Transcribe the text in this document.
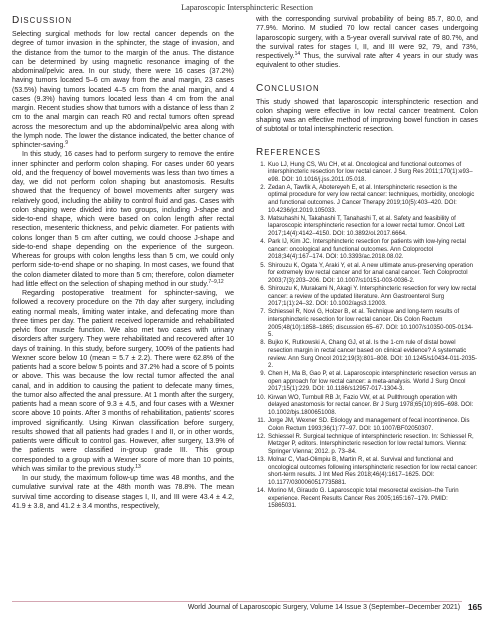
Laparoscopic Intersphincteric Resection
DISCUSSION

Selecting surgical methods for low rectal cancer depends on the degree of tumor invasion in the sphincter, the stage of invasion, and the distance from the tumor to the margin of the anus. The distance can be determined by using magnetic resonance imaging of the abdominal/pelvic area. In our study, there were 16 cases (37.2%) having tumors located 5–6 cm away from the anal margin, 23 cases (53.5%) having tumors located 4–5 cm from the anal margin, and 4 cases (9.3%) having tumors located less than 4 cm from the anal margin. Recent studies show that tumors with a distance of less than 2 cm to the anal margin can reach R0 and rectal tumors often spread across the mesorectum and up the abdominal/pelvic area along with the lymph node. The lower the distance indicated, the better chance of sphincter-saving.$^9$

In this study, 16 cases had to perform surgery to remove the entire inner sphincter and perform colon shaping. For cases under 60 years old, and the frequency of bowel movements was less than two times a day, we did not perform colon shaping but anastomosis. Results showed that the frequency of bowel movements after surgery was relatively good, including the ability to control fluid and gas. Cases with colon shaping were divided into two groups, including J-shape and side-to-end shape, which were based on colon length after rectal resection, mesenteric thickness, and pelvic diameter. For patients with colons longer than 5 cm after cutting, we could choose J-shape and side-to-end shape depending on the experience of the surgeon. Whereas for groups with colon lengths less than 5 cm, we could only perform side-to-end shape or no shaping. In most cases, we found that the colon diameter dilated to more than 5 cm; therefore, colon diameter had little effect on the selection of shaping method in our study.$^{7-9,12}$

Regarding postoperative treatment for sphincter-saving, we followed a recovery procedure on the 7th day after surgery, including eating normal meals, limiting water intake, and defecating more than three times per day. The patient received loperamide and rehabilitated pelvic floor muscle function. We also met two cases with urinary disorders after surgery. They were rehabilitated and recovered after 10 days of training. In this study, before surgery, 100% of the patients had Wexner score below 10 (mean = 5.7 ± 2.2). There were 62.8% of the patients had a score below 5 points and 37.2% had a score of 5 points or above. This was because the low rectal tumor affected the anal canal, and in addition to causing the patient to defecate many times, the tumor also affected the anal pressure. At 1 month after the surgery, patients had a mean score of 9.3 ± 4.5, and four cases with a Wexner score above 10 points. After 3 months of rehabilitation, patients' scores improved significantly. Using Kirwan classification before surgery, results showed that all patients had grades I and II, or in other words, patients were difficult to control gas. However, after surgery, 13.9% of the patients were classified in-group grade III. This group corresponded to a group with a Wexner score of more than 10 points, which was similar to the previous study.$^{13}$

In our study, the maximum follow-up time was 48 months, and the cumulative survival rate at the 48th month was 78.8%. The mean survival time according to disease stages I, II, and III were 43.4 ± 4.2, 41.9 ± 3.8, and 41.2 ± 3.4 months, respectively,

with the corresponding survival probability of being 85.7, 80.0, and 77.9%. Morino. M studied 70 low rectal cancer cases undergoing laparoscopic surgery, with a 5-year overall survival rate of 80.7%, and the survival rates for stages I, II, and III were 92, 79, and 73%, respectively.$^{14}$ Thus, the survival rate after 4 years in our study was equivalent to other studies.

CONCLUSION

This study showed that laparoscopic intersphincteric resection and colon shaping were effective in low rectal cancer treatment. Colon shaping was an effective method of improving bowel function in cases of subtotal or total intersphincteric resection.

REFERENCES
1. Kuo LJ, Hung CS, Wu CH, et al. Oncological and functional outcomes of intersphincteric resection for low rectal cancer. J Surg Res 2011;170(1):e93–e98. DOI: 10.1016/j.jss.2011.05.018.
2. Zedan A, Tawfik A, Abotereyeh E, et al. Intersphincteric resection is the optimal procedure for very low rectal cancer: techniques, morbidity, oncologic and functional outcomes. J Cancer Therapy 2019;10(5):403–420. DOI: 10.4236/jct.2019.105033.
3. Matsuhashi N, Takahashi T, Tanahashi T, et al. Safety and feasibility of laparoscopic intersphincteric resection for a lower rectal tumor. Oncol Lett 2017;14(4):4142–4150. DOI: 10.3892/ol.2017.6664.
4. Park IJ, Kim JC. Intersphincteric resection for patients with low-lying rectal cancer: oncological and functional outcomes. Ann Coloproctol 2018;34(4):167–174. DOI: 10.3393/ac.2018.08.02.
5. Shirouzu K, Ogata Y, Araki Y, et al. A new ultimate anus-preserving operation for extremely low rectal cancer and for anal canal cancer. Tech Coloproctol 2003;7(3):203–206. DOI: 10.1007/s10151-003-0036-2.
6. Shirouzu K, Murakami N, Akagi Y. Intersphincteric resection for very low rectal cancer: a review of the updated literature. Ann Gastroenterol Surg 2017;1(1):24–32. DOI: 10.1002/ags3.12003.
7. Schiessel R, Novi G, Holzer B, et al. Technique and long-term results of intersphincteric resection for low rectal cancer. Dis Colon Rectum 2005;48(10):1858–1865; discussion 65–67. DOI: 10.1007/s10350-005-0134-5.
8. Bujko K, Rutkowski A, Chang GJ, et al. Is the 1-cm rule of distal bowel resection margin in rectal cancer based on clinical evidence? A systematic review. Ann Surg Oncol 2012;19(3):801–808. DOI: 10.1245/s10434-011-2035-2.
9. Chen H, Ma B, Gao P, et al. Laparoscopic intersphincteric resection versus an open approach for low rectal cancer: a meta-analysis. World J Surg Oncol 2017;15(1):229. DOI: 10.1186/s12957-017-1304-3.
10. Kirwan WO, Turnbull RB Jr, Fazio VW, et al. Pullthrough operation with delayed anastomosis for rectal cancer. Br J Surg 1978;65(10):695–698. DOI: 10.1002/bjs.1800651008.
11. Jorge JM, Wexner SD. Etiology and management of fecal incontinence. Dis Colon Rectum 1993;36(1):77–97. DOI: 10.1007/BF02050307.
12. Schiessel R. Surgical technique of intersphincteric resection. In: Schiessel R, Metzger P, editors. Intersphincteric resection for low rectal tumors. Vienna: Springer Vienna; 2012. p. 73–84.
13. Molnar C, Vlad-Olimpiu B, Martin R, et al. Survival and functional and oncological outcomes following intersphincteric resection for low rectal cancer: short-term results. J Int Med Res 2018;46(4):1617–1625. DOI: 10.1177/0300060517735881.
14. Morino M, Giraudo G. Laparoscopic total mesorectal excision–the Turin experience. Recent Results Cancer Res 2005;165:167–179. PMID: 15865031.
World Journal of Laparoscopic Surgery, Volume 14 Issue 3 (September–December 2021) 165
